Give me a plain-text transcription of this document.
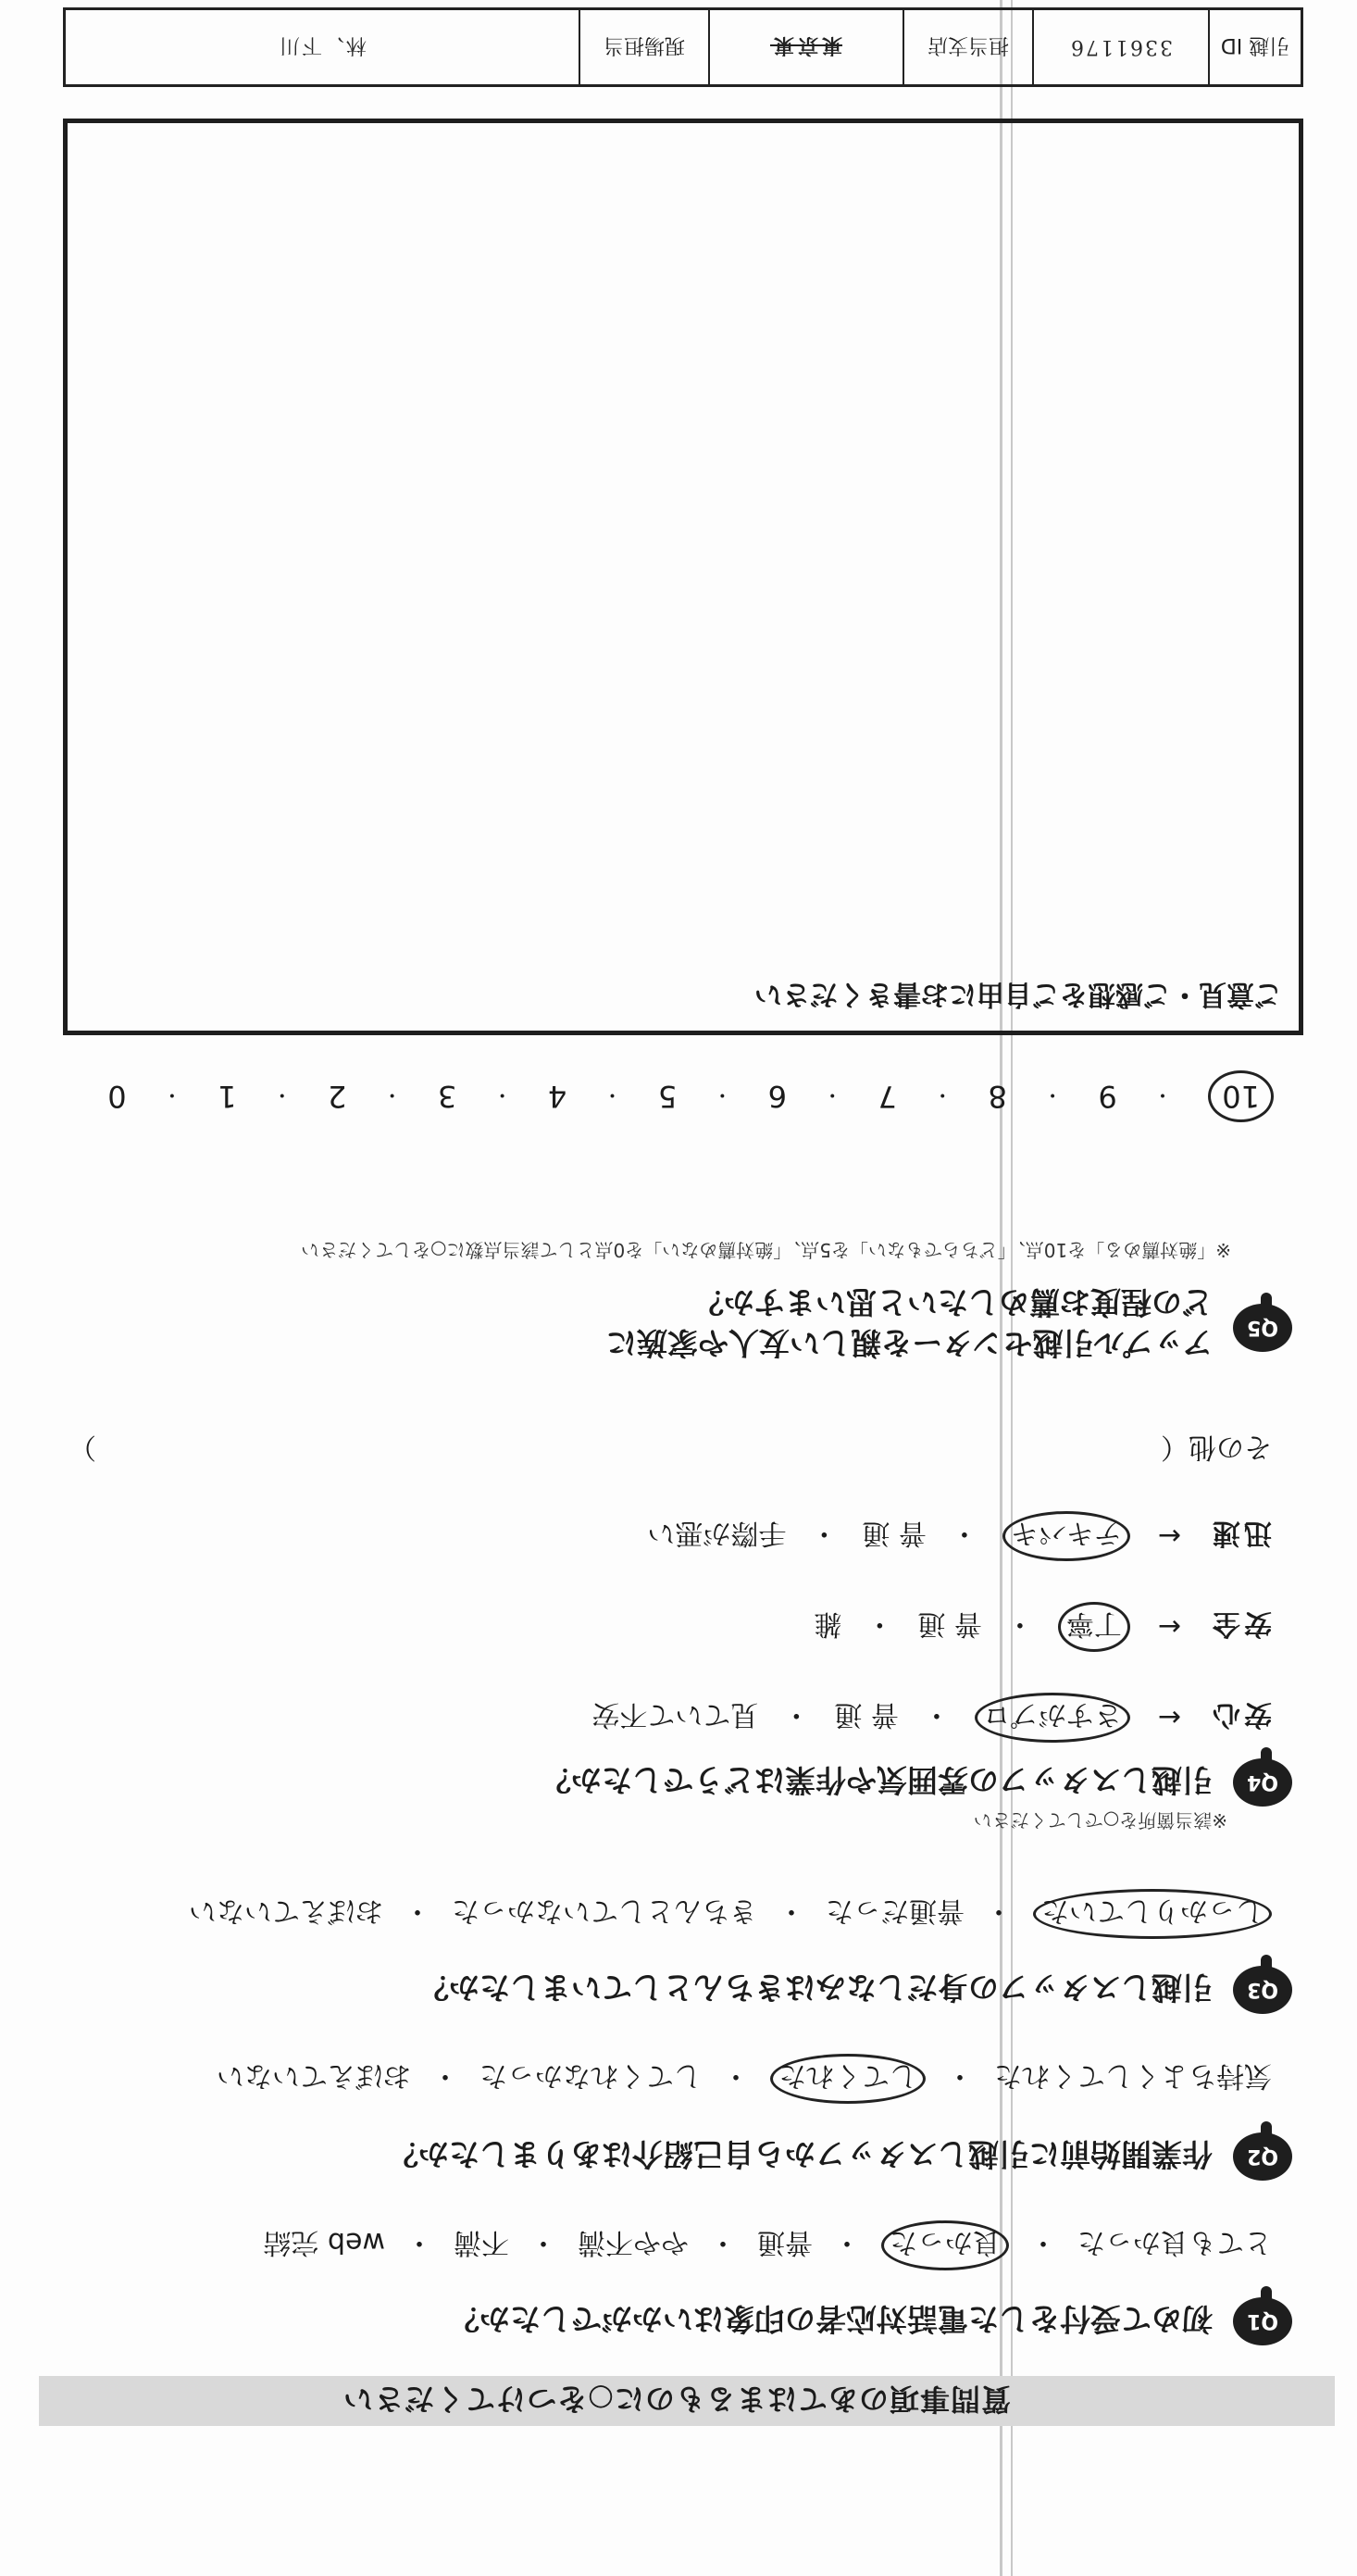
質問事項のあてはまるものに○をつけてください
Q1
初めて受付をした電話対応者の印象はいかがでしたか？
とても良かった
・
良かった
・
普通
・
やや不満
・
不満
・
web 完結
Q2
作業開始前に引越しスタッフから自己紹介はありましたか？
気持ちよくしてくれた
・
してくれた
・
してくれなかった
・
おぼえていない
Q3
引越しスタッフの身だしなみはきちんとしていましたか？
しっかりしていた
・
普通だった
・
きちんとしていなかった
・
おぼえていない
Q4
引越しスタッフの雰囲気や作業はどうでしたか？
※該当箇所を○でしてください
安心
←
さすがプロ
・
普 通
・
見ていて不安
安全
←
丁寧
・
普 通
・
雑
迅速
←
テキパキ
・
普 通
・
手際が悪い
その他（
）
Q5
アップル引越センターを親しい友人や家族に
どの程度お薦めしたいと思いますか？
※「絶対薦める」を10点、「どちらでもない」を5点、「絶対薦めない」を0点として該当点数に○をしてください
10
・
9
・
8
・
7
・
6
・
5
・
4
・
3
・
2
・
1
・
0
ご意見・ご感想をご自由にお書きください
引越 ID
3361176
担当支店
東京東
現場担当
林、下川
